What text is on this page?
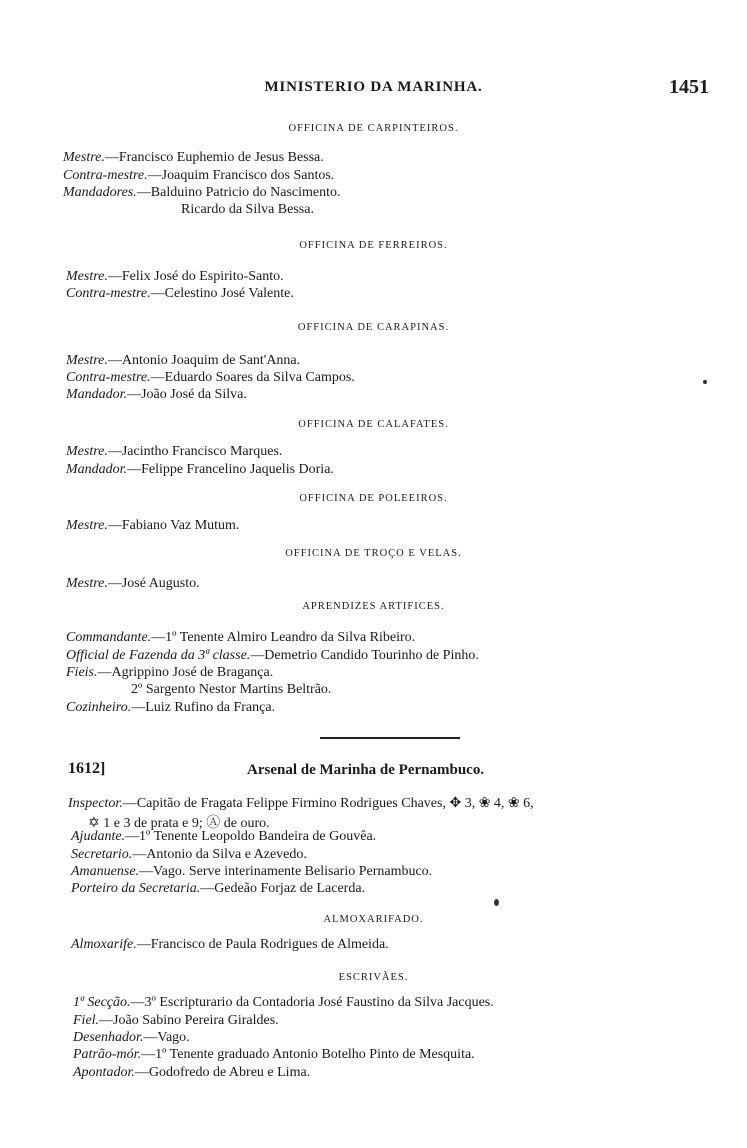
MINISTERIO DA MARINHA.	1451
OFFICINA DE CARPINTEIROS.
Mestre.—Francisco Euphemio de Jesus Bessa.
Contra-mestre.—Joaquim Francisco dos Santos.
Mandadores.—Balduino Patricio do Nascimento.
Ricardo da Silva Bessa.
OFFICINA DE FERREIROS.
Mestre.—Felix José do Espirito-Santo.
Contra-mestre.—Celestino José Valente.
OFFICINA DE CARAPINAS.
Mestre.—Antonio Joaquim de Sant'Anna.
Contra-mestre.—Eduardo Soares da Silva Campos.
Mandador.—João José da Silva.
OFFICINA DE CALAFATES.
Mestre.—Jacintho Francisco Marques.
Mandador.—Felippe Francelino Jaquelis Doria.
OFFICINA DE POLEEIROS.
Mestre.—Fabiano Vaz Mutum.
OFFICINA DE TROÇO E VELAS.
Mestre.—José Augusto.
APRENDIZES ARTIFICES.
Commandante.—1º Tenente Almiro Leandro da Silva Ribeiro.
Official de Fazenda da 3ª classe.—Demetrio Candido Tourinho de Pinho.
Fieis.—Agrippino José de Bragança.
2º Sargento Nestor Martins Beltrão.
Cozinheiro.—Luiz Rufino da França.
1612]	Arsenal de Marinha de Pernambuco.
Inspector.—Capitão de Fragata Felippe Firmino Rodrigues Chaves, ✥ 3, ❀ 4, ❀ 6,
✡ 1 e 3 de prata e 9; Ⓐ de ouro.
Ajudante.—1º Tenente Leopoldo Bandeira de Gouvêa.
Secretario.—Antonio da Silva e Azevedo.
Amanuense.—Vago. Serve interinamente Belisario Pernambuco.
Porteiro da Secretaria.—Gedeão Forjaz de Lacerda.
ALMOXARIFADO.
Almoxarife.—Francisco de Paula Rodrigues de Almeida.
ESCRIVÃES.
1ª Secção.—3º Escripturario da Contadoria José Faustino da Silva Jacques.
Fiel.—João Sabino Pereira Giraldes.
Desenhador.—Vago.
Patrão-mór.—1º Tenente graduado Antonio Botelho Pinto de Mesquita.
Apontador.—Godofredo de Abreu e Lima.
